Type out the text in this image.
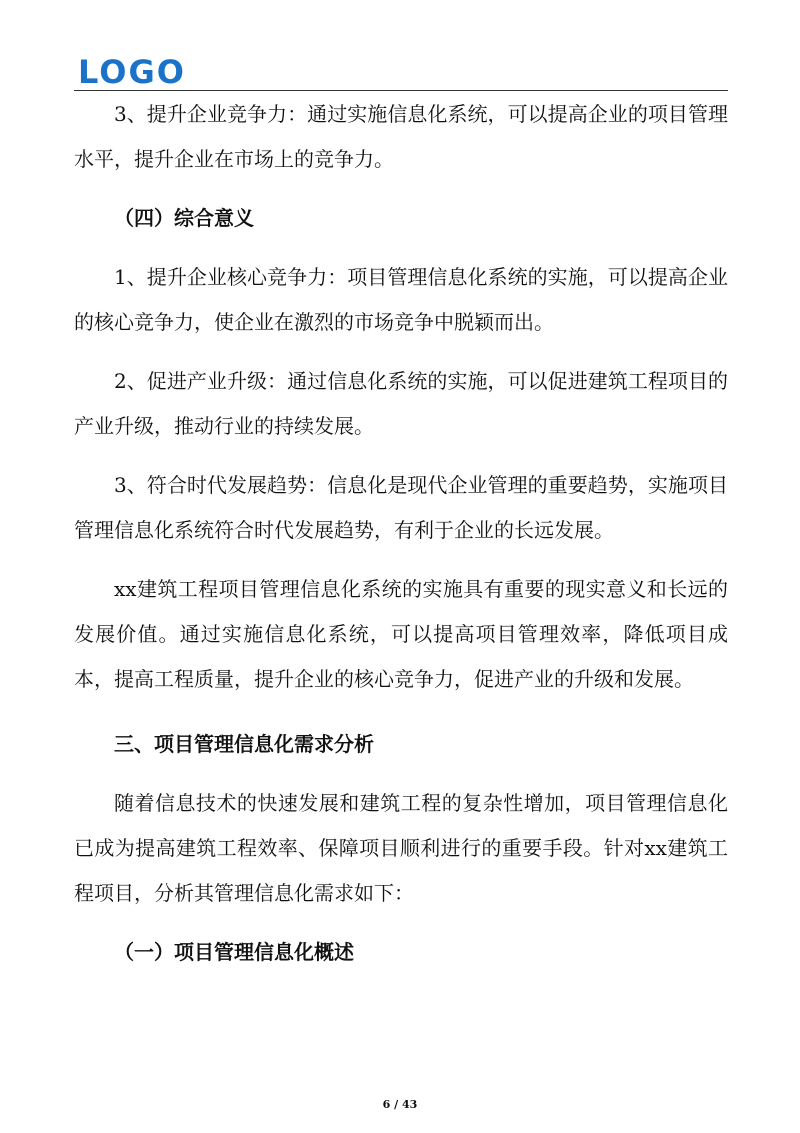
LOGO

3、提升企业竞争力：通过实施信息化系统，可以提高企业的项目管理水平，提升企业在市场上的竞争力。

（四）综合意义

1、提升企业核心竞争力：项目管理信息化系统的实施，可以提高企业的核心竞争力，使企业在激烈的市场竞争中脱颖而出。

2、促进产业升级：通过信息化系统的实施，可以促进建筑工程项目的产业升级，推动行业的持续发展。

3、符合时代发展趋势：信息化是现代企业管理的重要趋势，实施项目管理信息化系统符合时代发展趋势，有利于企业的长远发展。

xx建筑工程项目管理信息化系统的实施具有重要的现实意义和长远的发展价值。通过实施信息化系统，可以提高项目管理效率，降低项目成本，提高工程质量，提升企业的核心竞争力，促进产业的升级和发展。

三、项目管理信息化需求分析

随着信息技术的快速发展和建筑工程的复杂性增加，项目管理信息化已成为提高建筑工程效率、保障项目顺利进行的重要手段。针对xx建筑工程项目，分析其管理信息化需求如下：

（一）项目管理信息化概述

6 / 43
